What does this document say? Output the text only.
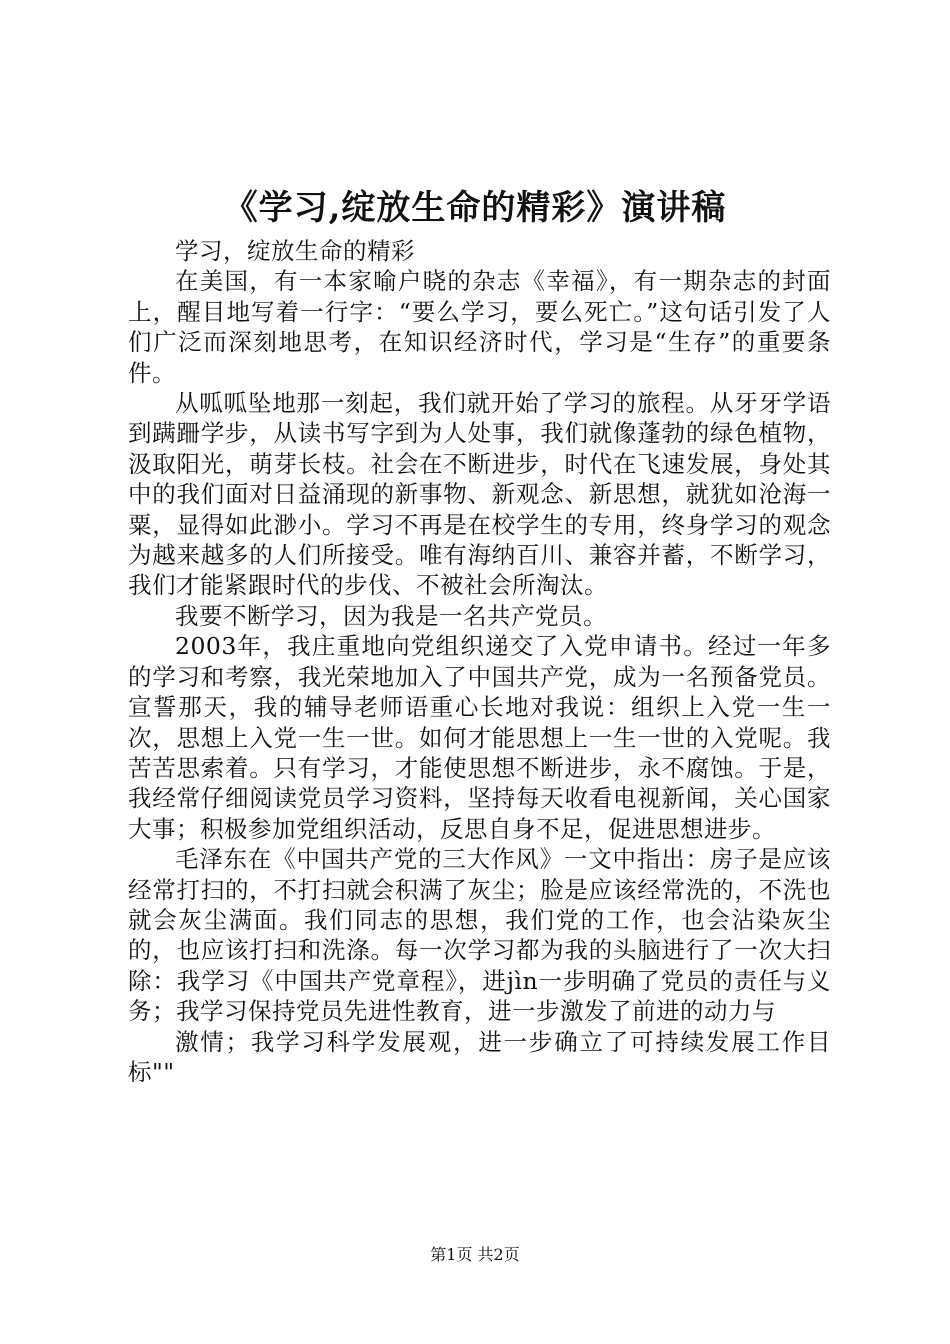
《学习,绽放生命的精彩》演讲稿

学习，绽放生命的精彩

在美国，有一本家喻户晓的杂志《幸福》，有一期杂志的封面上，醒目地写着一行字：“要么学习，要么死亡。”这句话引发了人们广泛而深刻地思考，在知识经济时代，学习是“生存”的重要条件。

从呱呱坠地那一刻起，我们就开始了学习的旅程。从牙牙学语到蹒跚学步，从读书写字到为人处事，我们就像蓬勃的绿色植物，汲取阳光，萌芽长枝。社会在不断进步，时代在飞速发展，身处其中的我们面对日益涌现的新事物、新观念、新思想，就犹如沧海一粟，显得如此渺小。学习不再是在校学生的专用，终身学习的观念为越来越多的人们所接受。唯有海纳百川、兼容并蓄，不断学习，我们才能紧跟时代的步伐、不被社会所淘汰。

我要不断学习，因为我是一名共产党员。

2003年，我庄重地向党组织递交了入党申请书。经过一年多的学习和考察，我光荣地加入了中国共产党，成为一名预备党员。宣誓那天，我的辅导老师语重心长地对我说：组织上入党一生一次，思想上入党一生一世。如何才能思想上一生一世的入党呢。我苦苦思索着。只有学习，才能使思想不断进步，永不腐蚀。于是，我经常仔细阅读党员学习资料，坚持每天收看电视新闻，关心国家大事；积极参加党组织活动，反思自身不足，促进思想进步。

毛泽东在《中国共产党的三大作风》一文中指出：房子是应该经常打扫的，不打扫就会积满了灰尘；脸是应该经常洗的，不洗也就会灰尘满面。我们同志的思想，我们党的工作，也会沾染灰尘的，也应该打扫和洗涤。每一次学习都为我的头脑进行了一次大扫除：我学习《中国共产党章程》，进jìn一步明确了党员的责任与义务；我学习保持党员先进性教育，进一步激发了前进的动力与

激情；我学习科学发展观，进一步确立了可持续发展工作目标""

第1页 共2页
